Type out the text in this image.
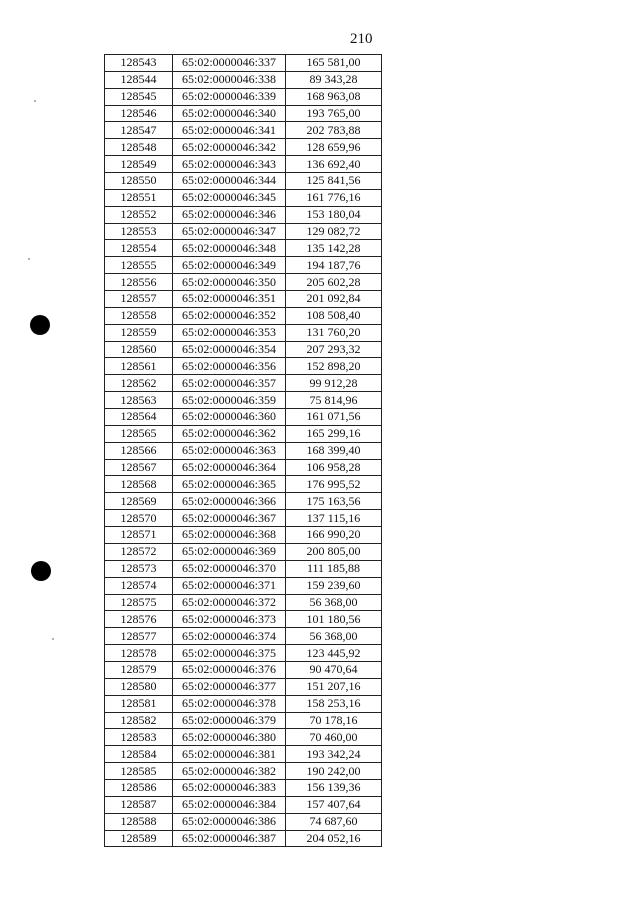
210
128543	65:02:0000046:337	165 581,00
128544	65:02:0000046:338	89 343,28
128545	65:02:0000046:339	168 963,08
128546	65:02:0000046:340	193 765,00
128547	65:02:0000046:341	202 783,88
128548	65:02:0000046:342	128 659,96
128549	65:02:0000046:343	136 692,40
128550	65:02:0000046:344	125 841,56
128551	65:02:0000046:345	161 776,16
128552	65:02:0000046:346	153 180,04
128553	65:02:0000046:347	129 082,72
128554	65:02:0000046:348	135 142,28
128555	65:02:0000046:349	194 187,76
128556	65:02:0000046:350	205 602,28
128557	65:02:0000046:351	201 092,84
128558	65:02:0000046:352	108 508,40
128559	65:02:0000046:353	131 760,20
128560	65:02:0000046:354	207 293,32
128561	65:02:0000046:356	152 898,20
128562	65:02:0000046:357	99 912,28
128563	65:02:0000046:359	75 814,96
128564	65:02:0000046:360	161 071,56
128565	65:02:0000046:362	165 299,16
128566	65:02:0000046:363	168 399,40
128567	65:02:0000046:364	106 958,28
128568	65:02:0000046:365	176 995,52
128569	65:02:0000046:366	175 163,56
128570	65:02:0000046:367	137 115,16
128571	65:02:0000046:368	166 990,20
128572	65:02:0000046:369	200 805,00
128573	65:02:0000046:370	111 185,88
128574	65:02:0000046:371	159 239,60
128575	65:02:0000046:372	56 368,00
128576	65:02:0000046:373	101 180,56
128577	65:02:0000046:374	56 368,00
128578	65:02:0000046:375	123 445,92
128579	65:02:0000046:376	90 470,64
128580	65:02:0000046:377	151 207,16
128581	65:02:0000046:378	158 253,16
128582	65:02:0000046:379	70 178,16
128583	65:02:0000046:380	70 460,00
128584	65:02:0000046:381	193 342,24
128585	65:02:0000046:382	190 242,00
128586	65:02:0000046:383	156 139,36
128587	65:02:0000046:384	157 407,64
128588	65:02:0000046:386	74 687,60
128589	65:02:0000046:387	204 052,16
